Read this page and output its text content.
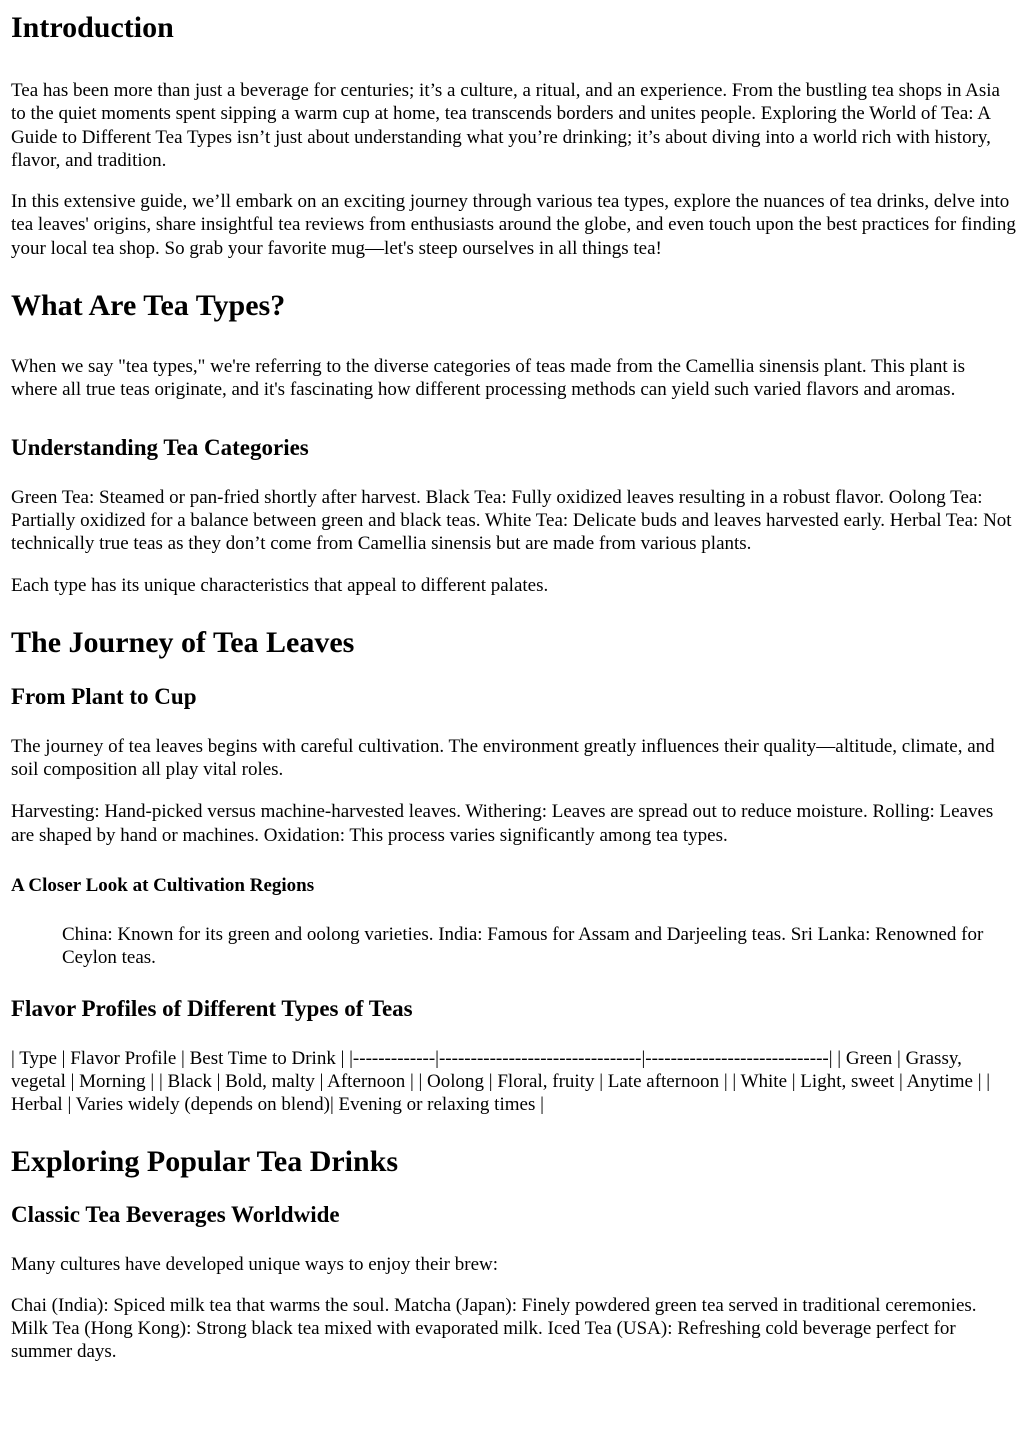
Introduction

Tea has been more than just a beverage for centuries; it’s a culture, a ritual, and an experience. From the bustling tea shops in Asia to the quiet moments spent sipping a warm cup at home, tea transcends borders and unites people. Exploring the World of Tea: A Guide to Different Tea Types isn’t just about understanding what you’re drinking; it’s about diving into a world rich with history, flavor, and tradition.

In this extensive guide, we’ll embark on an exciting journey through various tea types, explore the nuances of tea drinks, delve into tea leaves' origins, share insightful tea reviews from enthusiasts around the globe, and even touch upon the best practices for finding your local tea shop. So grab your favorite mug—let's steep ourselves in all things tea!

What Are Tea Types?

When we say "tea types," we're referring to the diverse categories of teas made from the Camellia sinensis plant. This plant is where all true teas originate, and it's fascinating how different processing methods can yield such varied flavors and aromas.

Understanding Tea Categories

Green Tea: Steamed or pan-fried shortly after harvest. Black Tea: Fully oxidized leaves resulting in a robust flavor. Oolong Tea: Partially oxidized for a balance between green and black teas. White Tea: Delicate buds and leaves harvested early. Herbal Tea: Not technically true teas as they don’t come from Camellia sinensis but are made from various plants.

Each type has its unique characteristics that appeal to different palates.

The Journey of Tea Leaves
From Plant to Cup

The journey of tea leaves begins with careful cultivation. The environment greatly influences their quality—altitude, climate, and soil composition all play vital roles.

Harvesting: Hand-picked versus machine-harvested leaves. Withering: Leaves are spread out to reduce moisture. Rolling: Leaves are shaped by hand or machines. Oxidation: This process varies significantly among tea types.

A Closer Look at Cultivation Regions
China: Known for its green and oolong varieties. India: Famous for Assam and Darjeeling teas. Sri Lanka: Renowned for Ceylon teas.
Flavor Profiles of Different Types of Teas

| Type | Flavor Profile | Best Time to Drink | |-------------|--------------------------------|-----------------------------| | Green | Grassy, vegetal | Morning | | Black | Bold, malty | Afternoon | | Oolong | Floral, fruity | Late afternoon | | White | Light, sweet | Anytime | | Herbal | Varies widely (depends on blend)| Evening or relaxing times |

Exploring Popular Tea Drinks
Classic Tea Beverages Worldwide

Many cultures have developed unique ways to enjoy their brew:

Chai (India): Spiced milk tea that warms the soul. Matcha (Japan): Finely powdered green tea served in traditional ceremonies. Milk Tea (Hong Kong): Strong black tea mixed with evaporated milk. Iced Tea (USA): Refreshing cold beverage perfect for summer days.
